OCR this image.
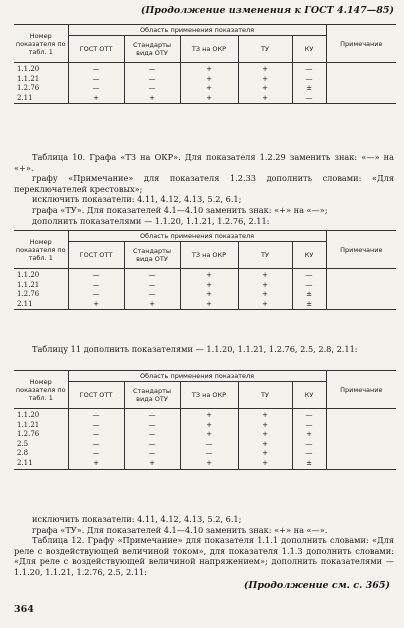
(Продолжение изменения к ГОСТ 4.147—85)
Номер показателя по табл. 1	Область применения показателя					Примечание
	ГОСТ ОТТ	Стандарты вида ОТУ	ТЗ на ОКР	ТУ	КУ	
1.1.20	—	—	+	+	—	
1.1.21	—	—	+	+	—	
1.2.76	—	—	+	+	±	
2.11	+	+	+	+	—	

Таблица 10. Графа «ТЗ на ОКР». Для показателя 1.2.29 заменить знак: «—» на «+».

графу «Примечание» для показателя 1.2.33 дополнить словами: «Для переключателей крестовых»;

исключить показатели: 4.11, 4.12, 4.13, 5.2, 6.1;

графа «ТУ». Для показателей 4.1—4.10 заменить знак: «+» на «—»;

дополнить показателями — 1.1.20, 1.1.21, 1.2.76, 2.11:

Номер показателя по табл. 1	Область применения показателя					Примечание
	ГОСТ ОТТ	Стандарты вида ОТУ	ТЗ на ОКР	ТУ	КУ	
1.1.20	—	—	+	+	—	
1.1.21	—	—	+	+	—	
1.2.76	—	—	+	+	±	
2.11	+	+	+	+	±	

Таблицу 11 дополнить показателями — 1.1.20, 1.1.21, 1.2.76, 2.5, 2.8, 2.11:

Номер показателя по табл. 1	Область применения показателя					Примечание
	ГОСТ ОТТ	Стандарты вида ОТУ	ТЗ на ОКР	ТУ	КУ	
1.1.20	—	—	+	+	—	
1.1.21	—	—	+	+	—	
1.2.76	—	—	+	+	+	
2.5	—	—	—	+	—	
2.8	—	—	—	+	—	
2.11	+	+	+	+	±	

исключить показатели: 4.11, 4.12, 4.13, 5.2, 6.1;

графа «ТУ». Для показателей 4.1—4.10 заменить знак: «+» на «—».

Таблица 12. Графу «Примечание» для показателя 1.1.1 дополнить словами: «Для реле с воздействующей величиной током», для показателя 1.1.3 дополнить словами: «Для реле с воздействующей величиной напряжением»; дополнить показателями — 1.1.20, 1.1.21, 1.2.76, 2.5, 2.11:

(Продолжение см. с. 365)
364
